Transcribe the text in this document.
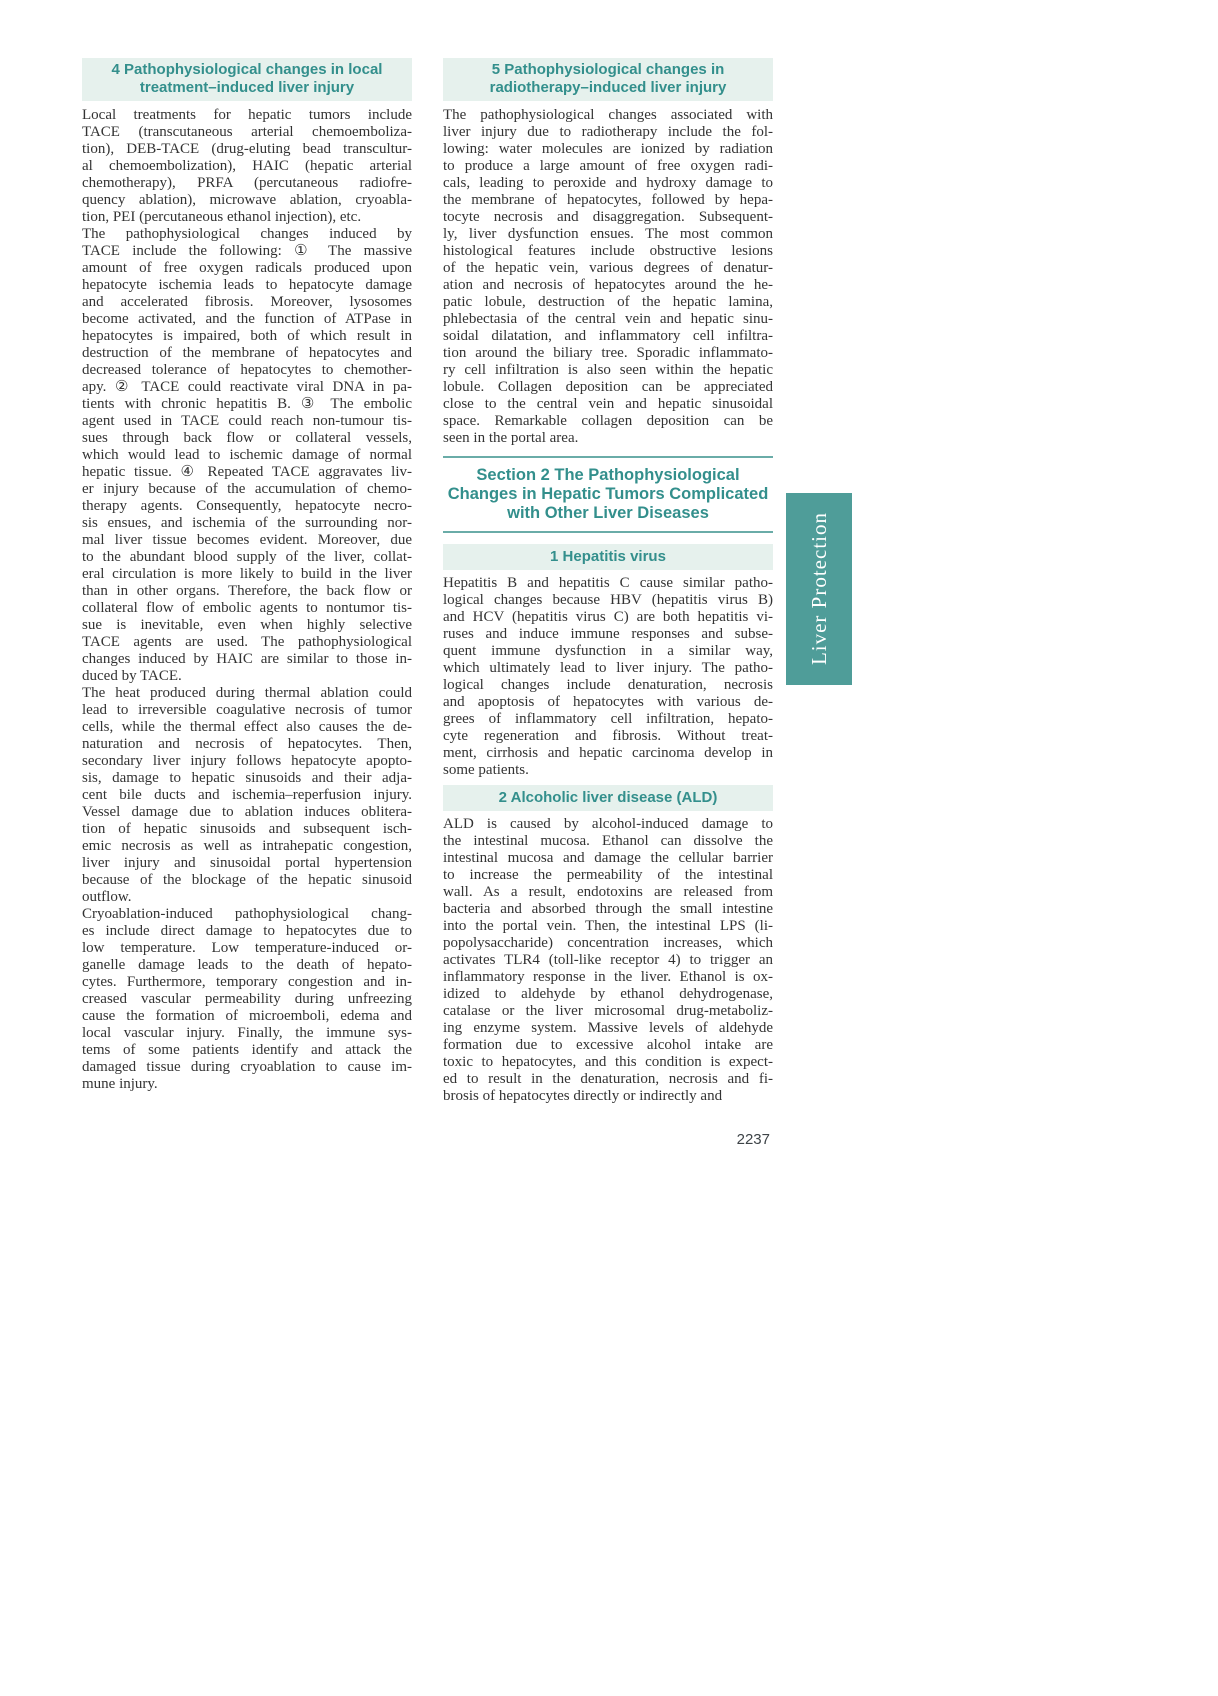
4 Pathophysiological changes in local
treatment–induced liver injury
Local treatments for hepatic tumors include
TACE (transcutaneous arterial chemoemboliza-
tion), DEB-TACE (drug-eluting bead transcultur-
al chemoembolization), HAIC (hepatic arterial
chemotherapy), PRFA (percutaneous radiofre-
quency ablation), microwave ablation, cryoabla-
tion, PEI (percutaneous ethanol injection), etc.
The pathophysiological changes induced by
TACE include the following: ① The massive
amount of free oxygen radicals produced upon
hepatocyte ischemia leads to hepatocyte damage
and accelerated fibrosis. Moreover, lysosomes
become activated, and the function of ATPase in
hepatocytes is impaired, both of which result in
destruction of the membrane of hepatocytes and
decreased tolerance of hepatocytes to chemother-
apy. ② TACE could reactivate viral DNA in pa-
tients with chronic hepatitis B. ③ The embolic
agent used in TACE could reach non-tumour tis-
sues through back flow or collateral vessels,
which would lead to ischemic damage of normal
hepatic tissue. ④ Repeated TACE aggravates liv-
er injury because of the accumulation of chemo-
therapy agents. Consequently, hepatocyte necro-
sis ensues, and ischemia of the surrounding nor-
mal liver tissue becomes evident. Moreover, due
to the abundant blood supply of the liver, collat-
eral circulation is more likely to build in the liver
than in other organs. Therefore, the back flow or
collateral flow of embolic agents to nontumor tis-
sue is inevitable, even when highly selective
TACE agents are used. The pathophysiological
changes induced by HAIC are similar to those in-
duced by TACE.
The heat produced during thermal ablation could
lead to irreversible coagulative necrosis of tumor
cells, while the thermal effect also causes the de-
naturation and necrosis of hepatocytes. Then,
secondary liver injury follows hepatocyte apopto-
sis, damage to hepatic sinusoids and their adja-
cent bile ducts and ischemia–reperfusion injury.
Vessel damage due to ablation induces oblitera-
tion of hepatic sinusoids and subsequent isch-
emic necrosis as well as intrahepatic congestion,
liver injury and sinusoidal portal hypertension
because of the blockage of the hepatic sinusoid
outflow.
Cryoablation-induced pathophysiological chang-
es include direct damage to hepatocytes due to
low temperature. Low temperature-induced or-
ganelle damage leads to the death of hepato-
cytes. Furthermore, temporary congestion and in-
creased vascular permeability during unfreezing
cause the formation of microemboli, edema and
local vascular injury. Finally, the immune sys-
tems of some patients identify and attack the
damaged tissue during cryoablation to cause im-
mune injury.
5 Pathophysiological changes in
radiotherapy–induced liver injury
The pathophysiological changes associated with
liver injury due to radiotherapy include the fol-
lowing: water molecules are ionized by radiation
to produce a large amount of free oxygen radi-
cals, leading to peroxide and hydroxy damage to
the membrane of hepatocytes, followed by hepa-
tocyte necrosis and disaggregation. Subsequent-
ly, liver dysfunction ensues. The most common
histological features include obstructive lesions
of the hepatic vein, various degrees of denatur-
ation and necrosis of hepatocytes around the he-
patic lobule, destruction of the hepatic lamina,
phlebectasia of the central vein and hepatic sinu-
soidal dilatation, and inflammatory cell infiltra-
tion around the biliary tree. Sporadic inflammato-
ry cell infiltration is also seen within the hepatic
lobule. Collagen deposition can be appreciated
close to the central vein and hepatic sinusoidal
space. Remarkable collagen deposition can be
seen in the portal area.
Section 2 The Pathophysiological
Changes in Hepatic Tumors Complicated
with Other Liver Diseases
1 Hepatitis virus
Hepatitis B and hepatitis C cause similar patho-
logical changes because HBV (hepatitis virus B)
and HCV (hepatitis virus C) are both hepatitis vi-
ruses and induce immune responses and subse-
quent immune dysfunction in a similar way,
which ultimately lead to liver injury. The patho-
logical changes include denaturation, necrosis
and apoptosis of hepatocytes with various de-
grees of inflammatory cell infiltration, hepato-
cyte regeneration and fibrosis. Without treat-
ment, cirrhosis and hepatic carcinoma develop in
some patients.
2 Alcoholic liver disease (ALD)
ALD is caused by alcohol-induced damage to
the intestinal mucosa. Ethanol can dissolve the
intestinal mucosa and damage the cellular barrier
to increase the permeability of the intestinal
wall. As a result, endotoxins are released from
bacteria and absorbed through the small intestine
into the portal vein. Then, the intestinal LPS (li-
popolysaccharide) concentration increases, which
activates TLR4 (toll-like receptor 4) to trigger an
inflammatory response in the liver. Ethanol is ox-
idized to aldehyde by ethanol dehydrogenase,
catalase or the liver microsomal drug-metaboliz-
ing enzyme system. Massive levels of aldehyde
formation due to excessive alcohol intake are
toxic to hepatocytes, and this condition is expect-
ed to result in the denaturation, necrosis and fi-
brosis of hepatocytes directly or indirectly and
Liver Protection
2237
